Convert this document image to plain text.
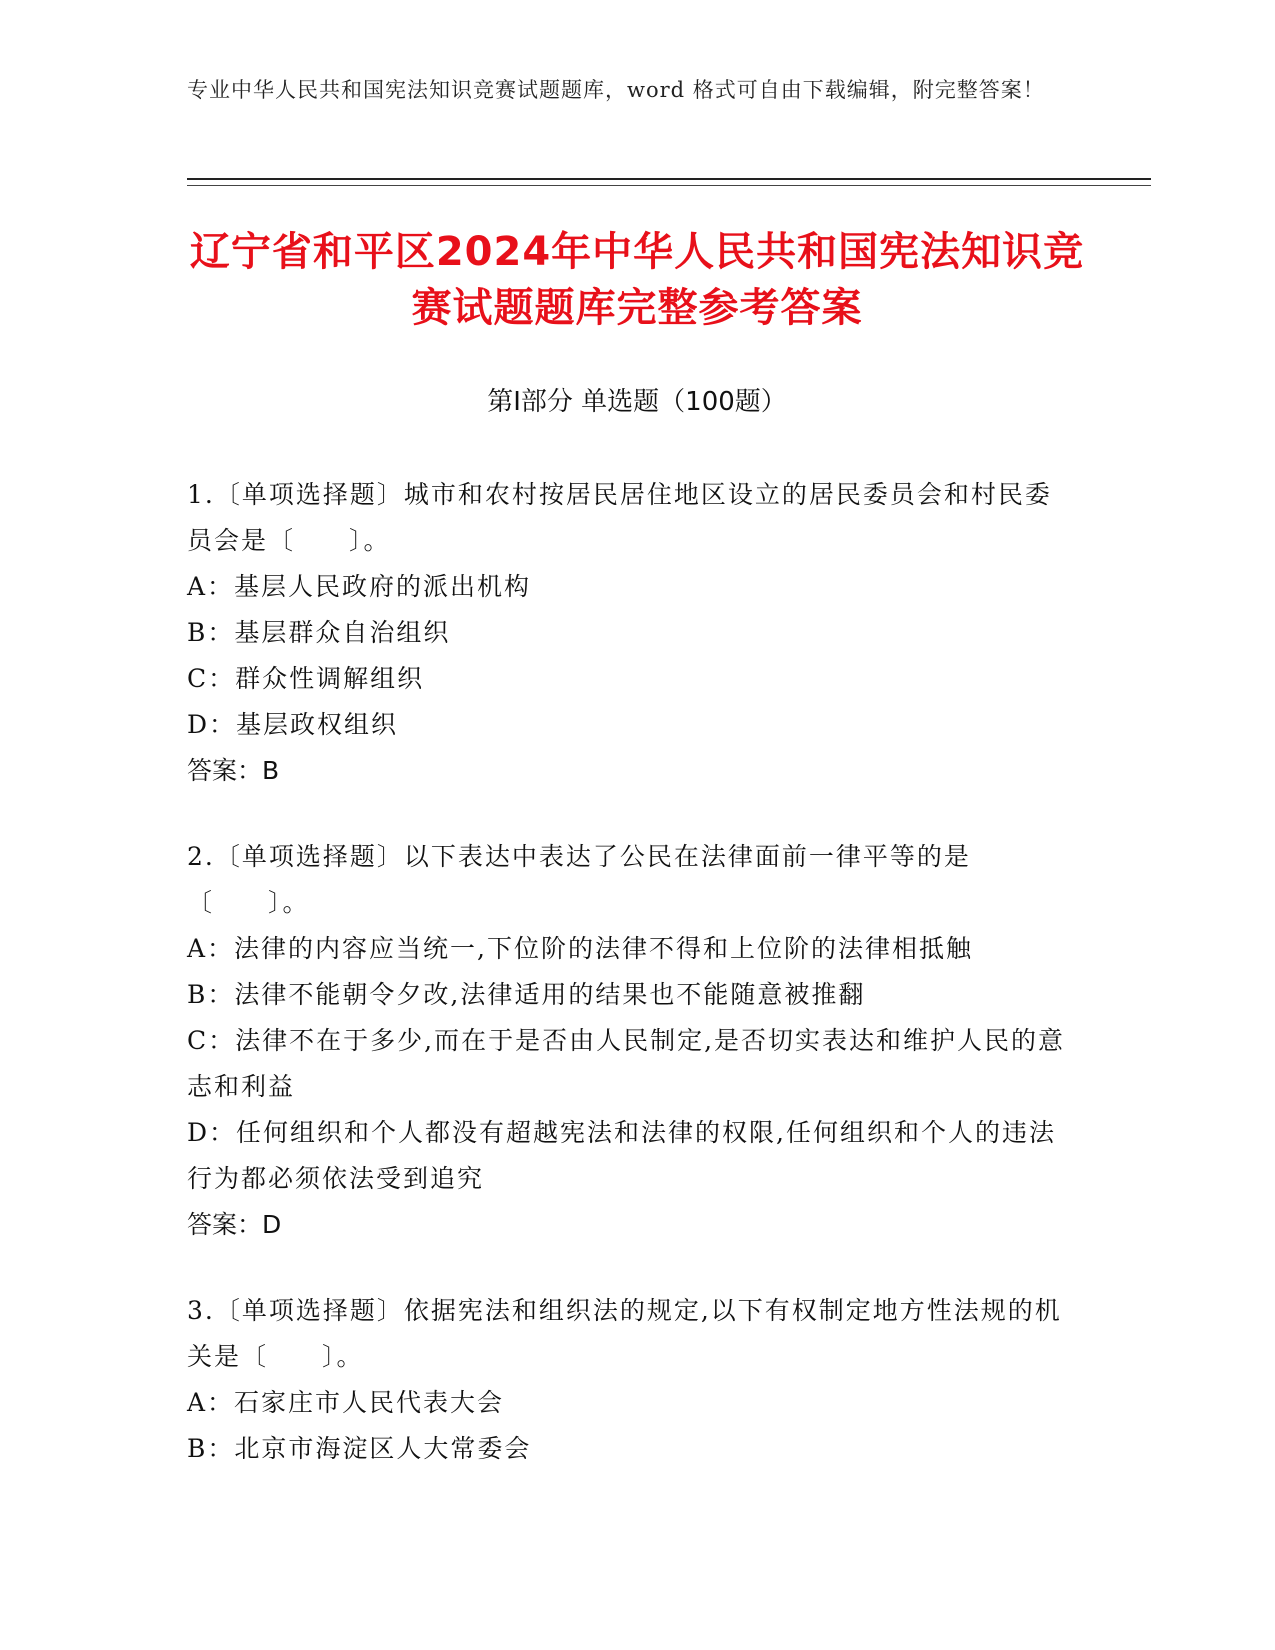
专业中华人民共和国宪法知识竞赛试题题库，word 格式可自由下载编辑，附完整答案！
辽宁省和平区2024年中华人民共和国宪法知识竞赛试题题库完整参考答案
第Ⅰ部分 单选题（100题）
1.〔单项选择题〕城市和农村按居民居住地区设立的居民委员会和村民委员会是〔　　〕。
A：基层人民政府的派出机构
B：基层群众自治组织
C：群众性调解组织
D：基层政权组织
答案：B
2.〔单项选择题〕以下表达中表达了公民在法律面前一律平等的是〔　　〕。
A：法律的内容应当统一,下位阶的法律不得和上位阶的法律相抵触
B：法律不能朝令夕改,法律适用的结果也不能随意被推翻
C：法律不在于多少,而在于是否由人民制定,是否切实表达和维护人民的意志和利益
D：任何组织和个人都没有超越宪法和法律的权限,任何组织和个人的违法行为都必须依法受到追究
答案：D
3.〔单项选择题〕依据宪法和组织法的规定,以下有权制定地方性法规的机关是〔　　〕。
A：石家庄市人民代表大会
B：北京市海淀区人大常委会
